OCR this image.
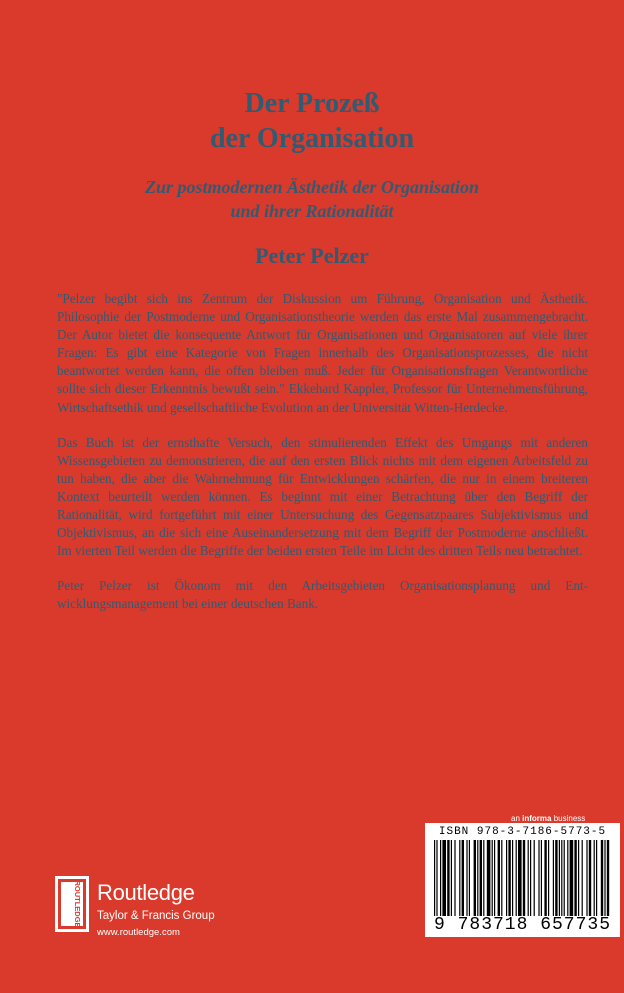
Der Prozeß
der Organisation
Zur postmodernen Ästhetik der Organisation
und ihrer Rationalität
Peter Pelzer

"Pelzer begibt sich ins Zentrum der Diskussion um Führung, Organisation und Ästhetik. Philosophie der Postmoderne und Organisationstheorie werden das erste Mal zusammengebracht. Der Autor bietet die konsequente Antwort für Organisationen und Organisatoren auf viele ihrer Fragen: Es gibt eine Kategorie von Fragen innerhalb des Organisationsprozesses, die nicht beantwortet werden kann, die offen bleiben muß. Jeder für Organisationsfragen Verantwortliche sollte sich dieser Erkenntnis bewußt sein." Ekkehard Kappler, Professor für Unternehmensführung, Wirtschaftsethik und gesellschaftliche Evolution an der Universität Witten-Herdecke.

Das Buch ist der ernsthafte Versuch, den stimulierenden Effekt des Umgangs mit anderen Wissensgebieten zu demonstrieren, die auf den ersten Blick nichts mit dem eigenen Arbeitsfeld zu tun haben, die aber die Wahrnehmung für Entwicklungen schärfen, die nur in einem breiteren Kontext beurteilt werden können. Es beginnt mit einer Betrachtung über den Begriff der Rationalität, wird fortgeführt mit einer Untersuchung des Gegensatzpaares Subjektivismus und Objektivismus, an die sich eine Auseinandersetzung mit dem Begriff der Postmoderne anschließt. Im vierten Teil werden die Begriffe der beiden ersten Teile im Licht des dritten Teils neu betrachtet.

Peter Pelzer ist Ökonom mit den Arbeitsgebieten Organisationsplanung und Ent-wicklungsmanagement bei einer deutschen Bank.

an informa business
ISBN 978-3-7186-5773-5
9 783718 657735
ROUTLEDGE Routledge
Taylor & Francis Group
www.routledge.com
